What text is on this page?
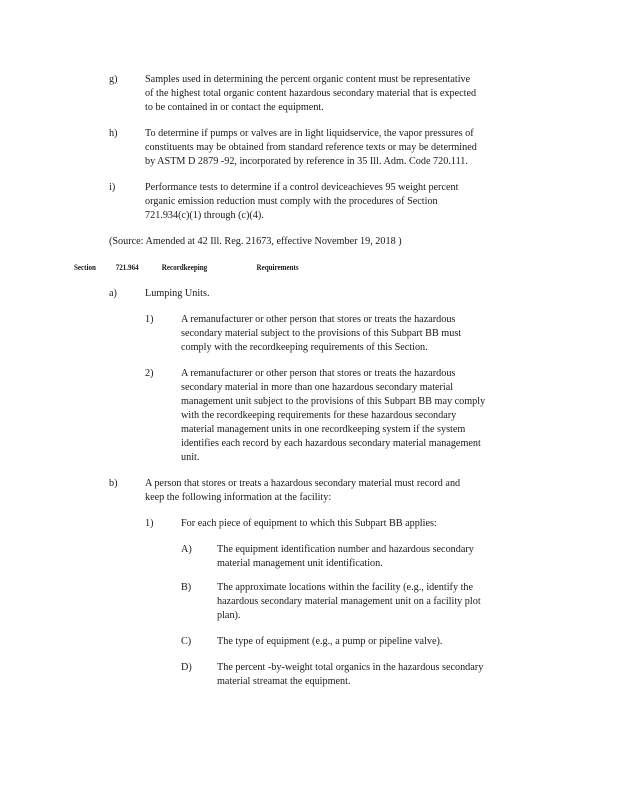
g)	Samples used in determining the percent organic content must be representative
of the highest total organic content hazardous secondary material that is expected
to be contained in or contact the equipment.
h)	To determine if pumps or valves are in light liquidservice, the vapor pressures of
constituents may be obtained from standard reference texts or may be determined
by ASTM D 2879 -92, incorporated by reference in 35 Ill. Adm. Code 720.111.
i)	Performance tests to determine if a control deviceachieves 95 weight percent
organic emission reduction must comply with the procedures of Section
721.934(c)(1) through (c)(4).
(Source: Amended at 42 Ill. Reg. 21673, effective November 19, 2018 )
Section 721.964	Recordkeeping	Requirements
a)	Lumping Units.
1)	A remanufacturer or other person that stores or treats the hazardous
secondary material subject to the provisions of this Subpart BB must
comply with the recordkeeping requirements of this Section.
2)	A remanufacturer or other person that stores or treats the hazardous
secondary material in more than one hazardous secondary material
management unit subject to the provisions of this Subpart BB may comply
with the recordkeeping requirements for these hazardous secondary
material management units in one recordkeeping system if the system
identifies each record by each hazardous secondary material management
unit.
b)	A person that stores or treats a hazardous secondary material must record and
keep the following information at the facility:
1)	For each piece of equipment to which this Subpart BB applies:
A) The equipment identification number and hazardous secondary
material management unit identification.
B)	The approximate locations within the facility (e.g., identify the
hazardous secondary material management unit on a facility plot
plan).
C)	The type of equipment (e.g., a pump or pipeline valve).
D) The percent -by-weight total organics in the hazardous secondary
material streamat the equipment.
